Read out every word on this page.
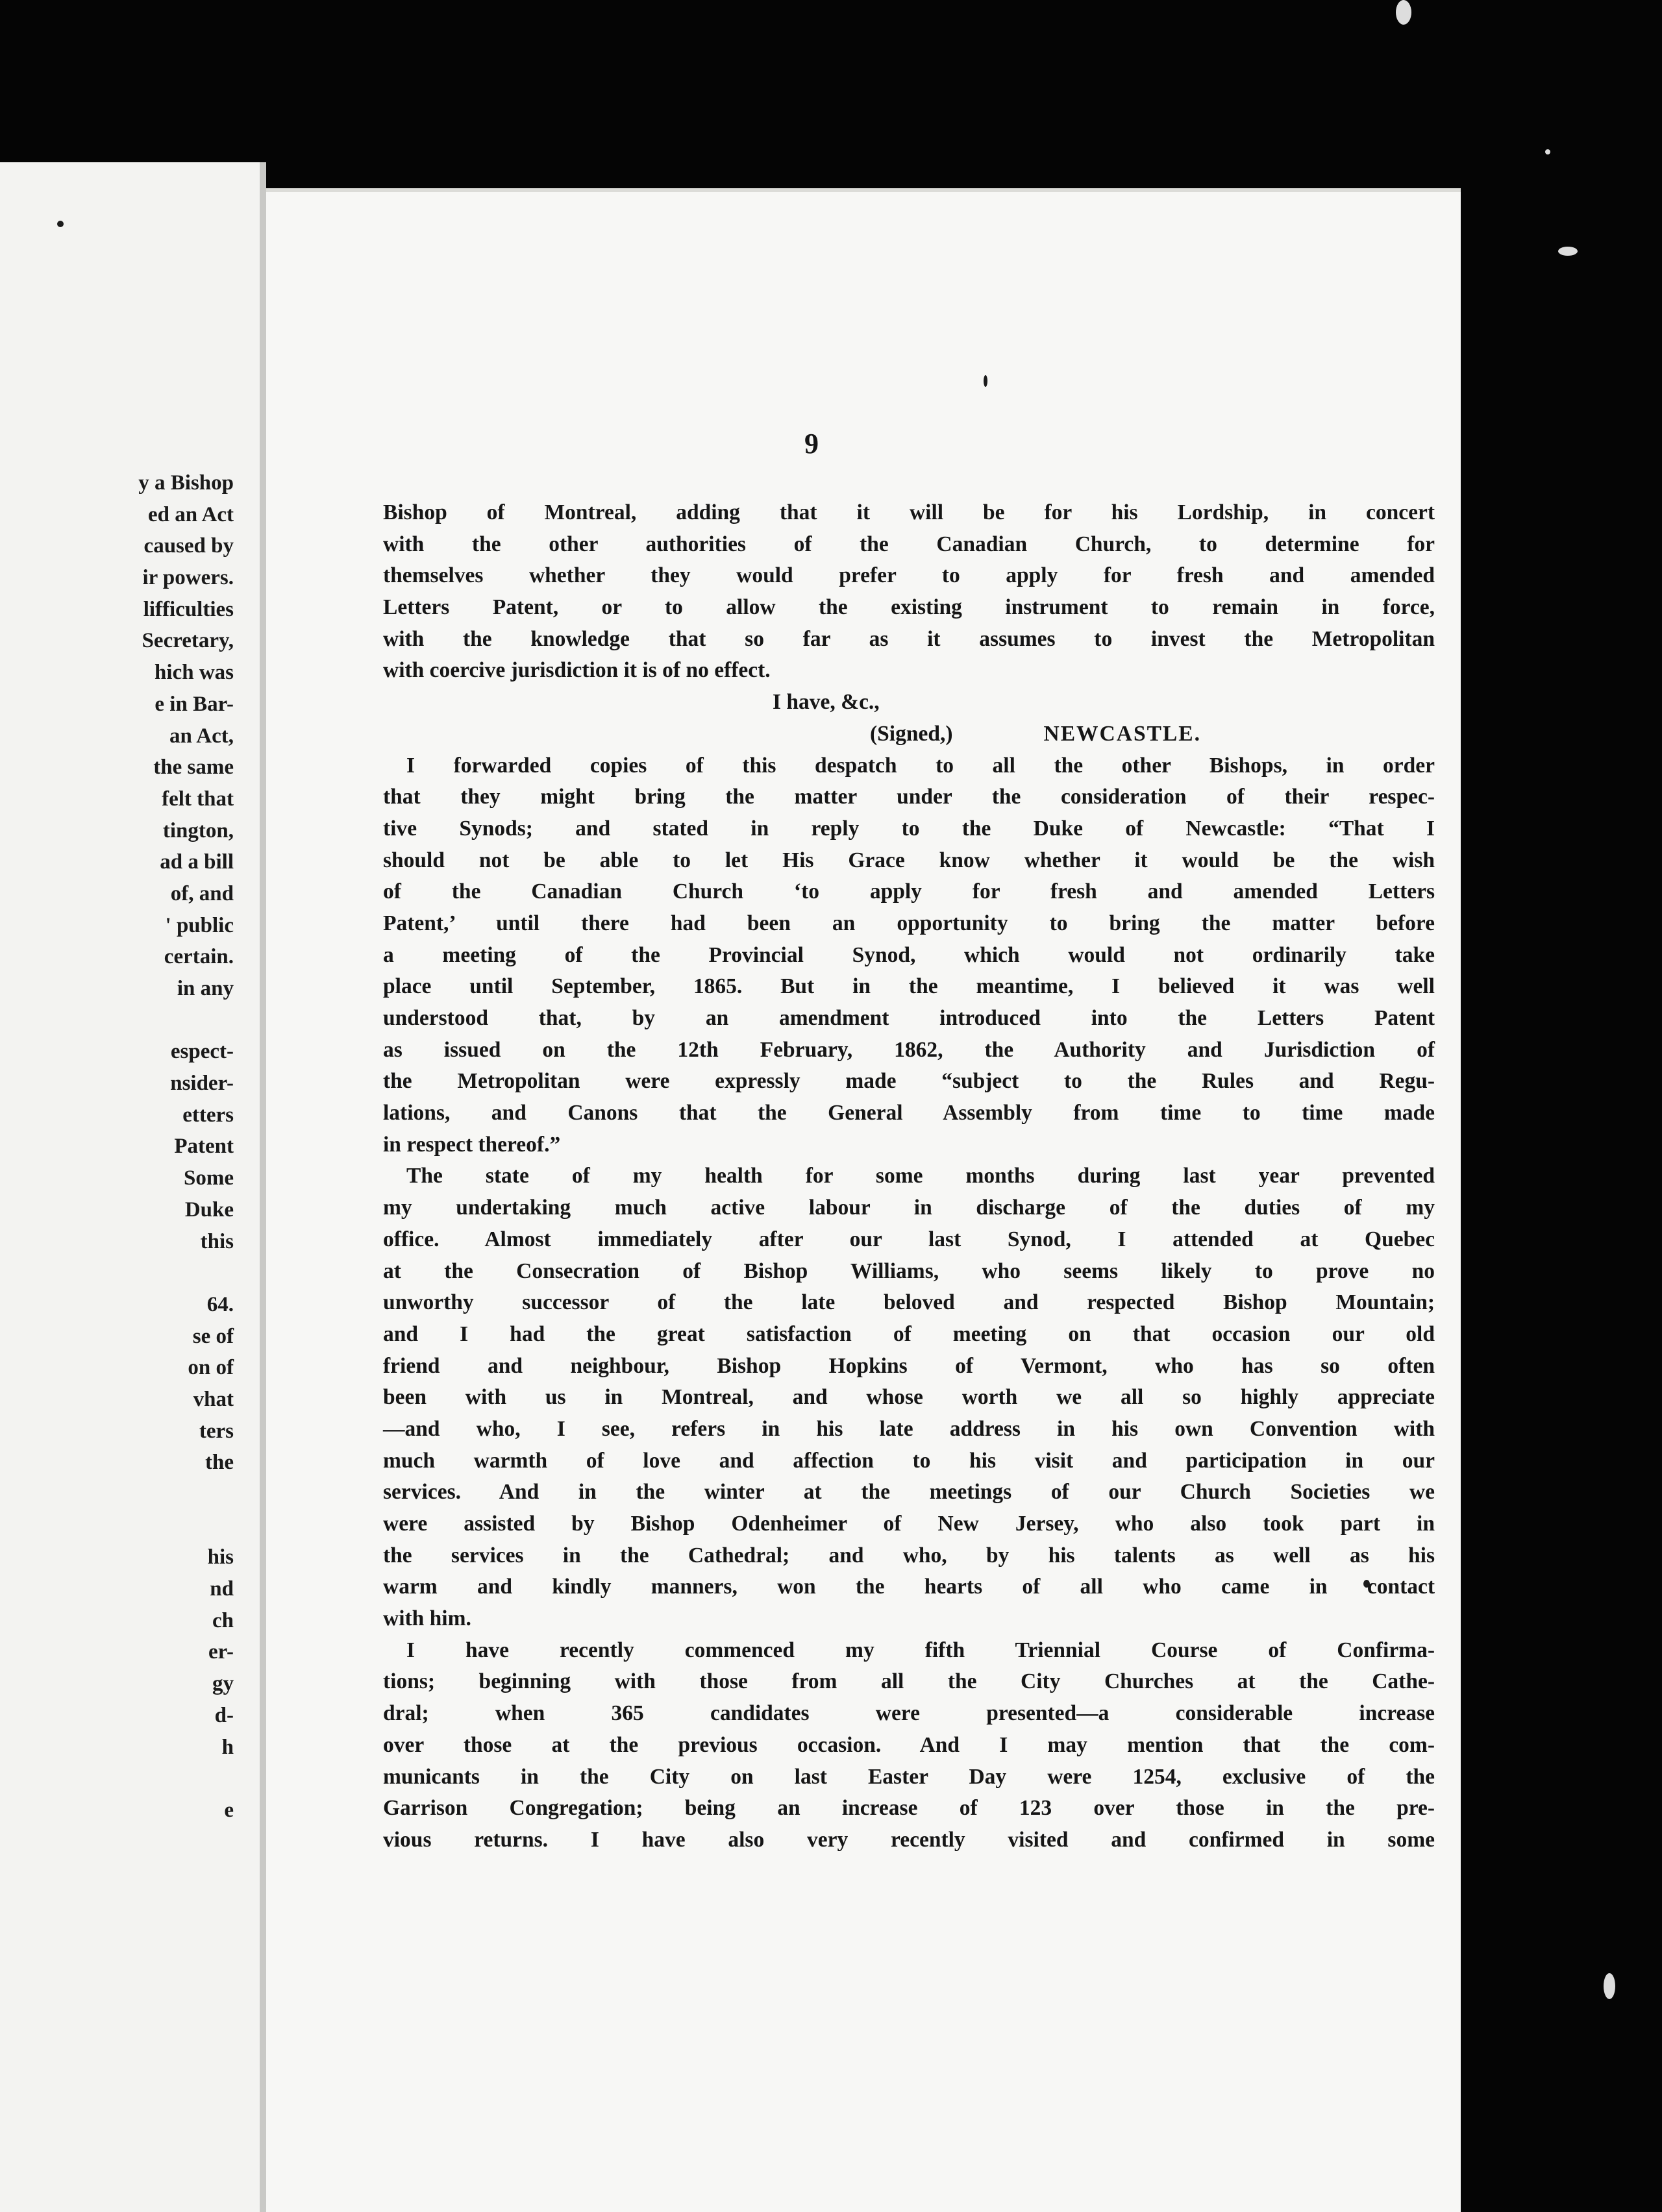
y a Bishop
ed an Act
caused by
ir powers.
lifficulties
Secretary,
hich was
e in Bar-
an Act,
the same
felt that
tington,
ad a bill
of, and
' public
certain.
in any
espect-
nsider-
etters
Patent
Some
Duke
this
64.
se of
on of
vhat
ters
the
his
nd
ch
er-
gy
d-
h
e
9
Bishop of Montreal, adding that it will be for his Lordship, in concert
with the other authorities of the Canadian Church, to determine for
themselves whether they would prefer to apply for fresh and amended
Letters Patent, or to allow the existing instrument to remain in force,
with the knowledge that so far as it assumes to invest the Metropolitan
with coercive jurisdiction it is of no effect.
I have, &c.,
(Signed,)	NEWCASTLE.
I forwarded copies of this despatch to all the other Bishops, in order
that they might bring the matter under the consideration of their respec-
tive Synods; and stated in reply to the Duke of Newcastle: “That I
should not be able to let His Grace know whether it would be the wish
of the Canadian Church ‘to apply for fresh and amended Letters
Patent,’ until there had been an opportunity to bring the matter before
a meeting of the Provincial Synod, which would not ordinarily take
place until September, 1865. But in the meantime, I believed it was well
understood that, by an amendment introduced into the Letters Patent
as issued on the 12th February, 1862, the Authority and Jurisdiction of
the Metropolitan were expressly made “subject to the Rules and Regu-
lations, and Canons that the General Assembly from time to time made
in respect thereof.”
The state of my health for some months during last year prevented
my undertaking much active labour in discharge of the duties of my
office. Almost immediately after our last Synod, I attended at Quebec
at the Consecration of Bishop Williams, who seems likely to prove no
unworthy successor of the late beloved and respected Bishop Mountain;
and I had the great satisfaction of meeting on that occasion our old
friend and neighbour, Bishop Hopkins of Vermont, who has so often
been with us in Montreal, and whose worth we all so highly appreciate
—and who, I see, refers in his late address in his own Convention with
much warmth of love and affection to his visit and participation in our
services. And in the winter at the meetings of our Church Societies we
were assisted by Bishop Odenheimer of New Jersey, who also took part in
the services in the Cathedral; and who, by his talents as well as his
warm and kindly manners, won the hearts of all who came in contact
with him.
I have recently commenced my fifth Triennial Course of Confirma-
tions; beginning with those from all the City Churches at the Cathe-
dral; when 365 candidates were presented—a considerable increase
over those at the previous occasion. And I may mention that the com-
municants in the City on last Easter Day were 1254, exclusive of the
Garrison Congregation; being an increase of 123 over those in the pre-
vious returns. I have also very recently visited and confirmed in some
